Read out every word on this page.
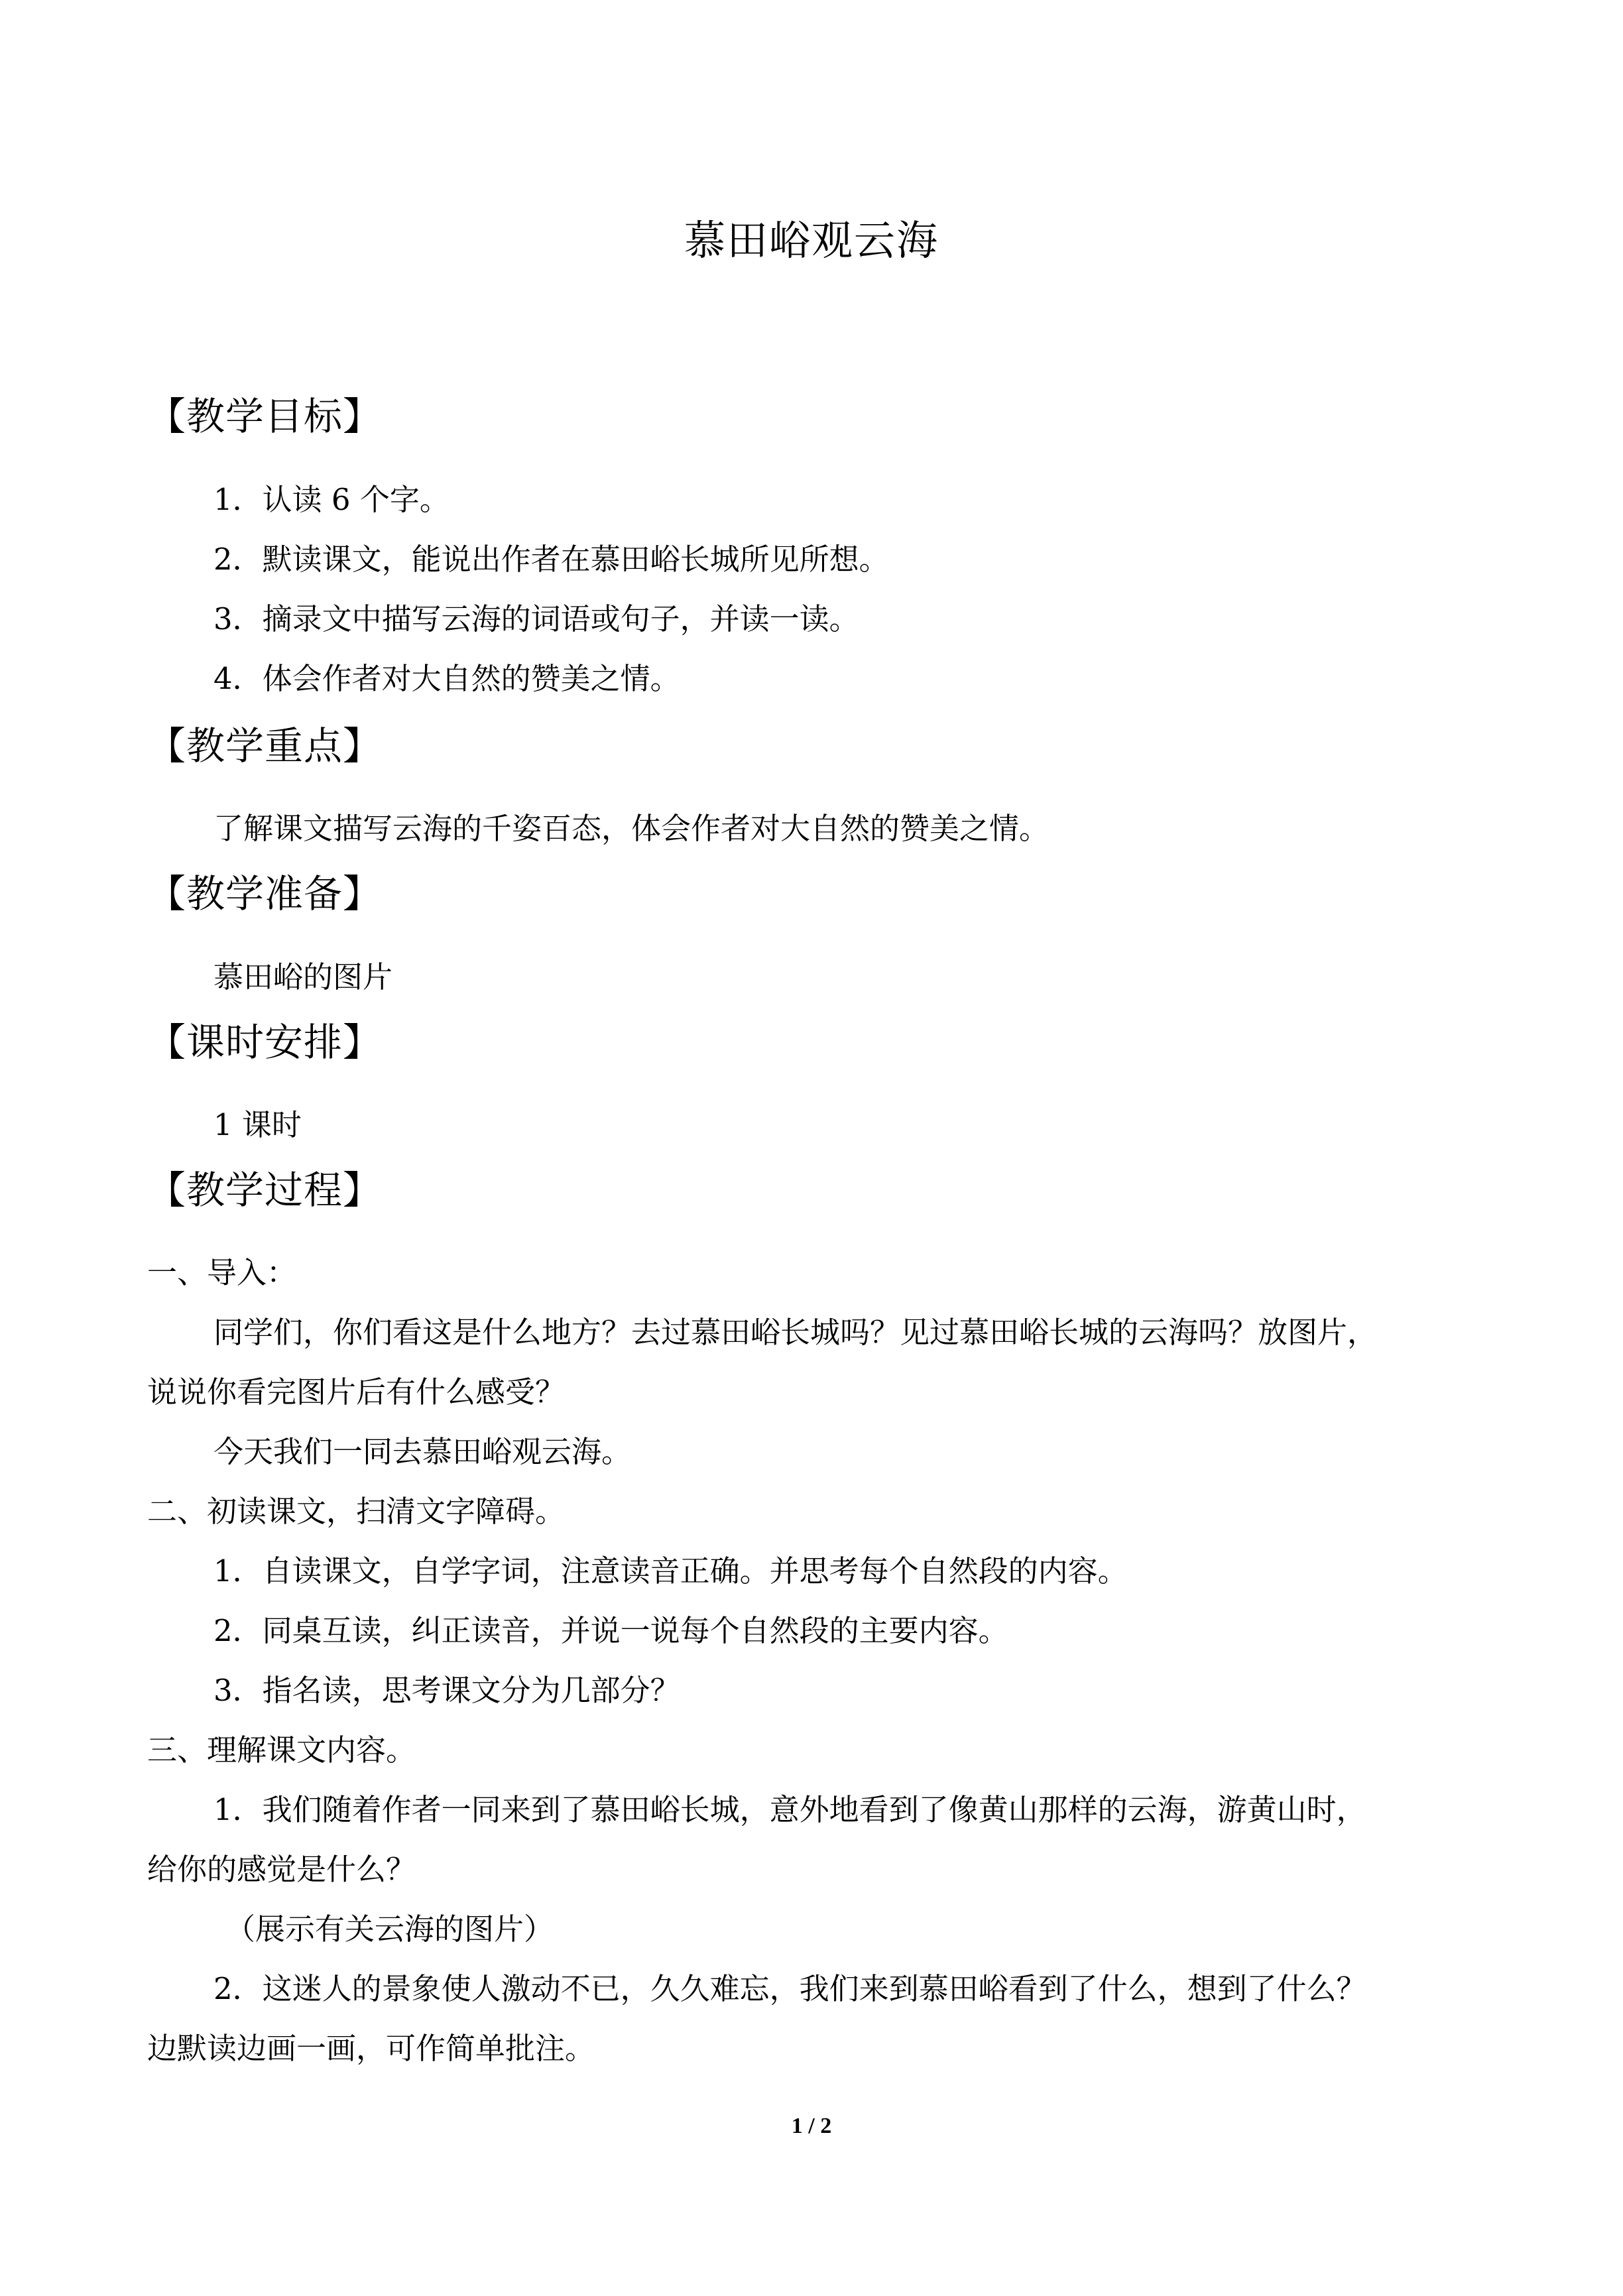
慕田峪观云海
【教学目标】
1．认读 6 个字。
2．默读课文，能说出作者在慕田峪长城所见所想。
3．摘录文中描写云海的词语或句子，并读一读。
4．体会作者对大自然的赞美之情。
【教学重点】
了解课文描写云海的千姿百态，体会作者对大自然的赞美之情。
【教学准备】
慕田峪的图片
【课时安排】
1 课时
【教学过程】
一、导入：
同学们，你们看这是什么地方？去过慕田峪长城吗？见过慕田峪长城的云海吗？放图片，
说说你看完图片后有什么感受？
今天我们一同去慕田峪观云海。
二、初读课文，扫清文字障碍。
1．自读课文，自学字词，注意读音正确。并思考每个自然段的内容。
2．同桌互读，纠正读音，并说一说每个自然段的主要内容。
3．指名读，思考课文分为几部分？
三、理解课文内容。
1．我们随着作者一同来到了慕田峪长城，意外地看到了像黄山那样的云海，游黄山时，
给你的感觉是什么？
（展示有关云海的图片）
2．这迷人的景象使人激动不已，久久难忘，我们来到慕田峪看到了什么，想到了什么？
边默读边画一画，可作简单批注。
1 / 2
